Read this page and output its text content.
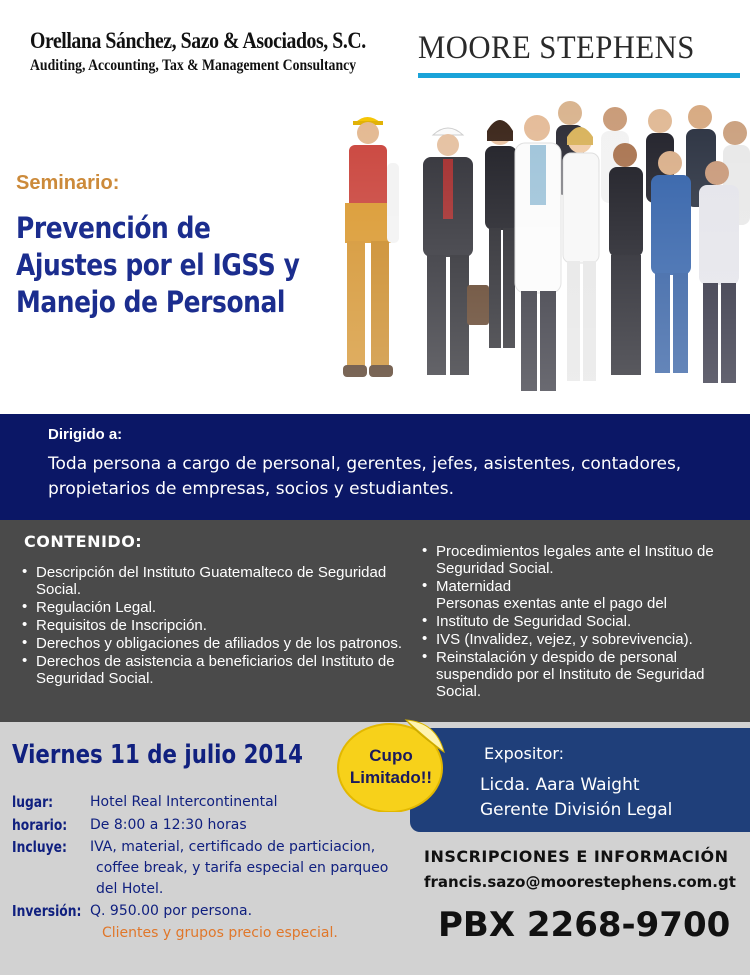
Orellana Sánchez, Sazo & Asociados, S.C.
Auditing, Accounting, Tax & Management Consultancy MOORE STEPHENS
Seminario:
Prevención de Ajustes por el IGSS y Manejo de Personal
Dirigido a:
Toda persona a cargo de personal, gerentes, jefes, asistentes, contadores, propietarios de empresas, socios y estudiantes.
CONTENIDO:
• Descripción del Instituto Guatemalteco de Seguridad Social.
• Regulación Legal.
• Requisitos de Inscripción.
• Derechos y obligaciones de afiliados y de los patronos.
• Derechos de asistencia a beneficiarios del Instituto de Seguridad Social.
• Procedimientos legales ante el Instituo de Seguridad Social.
• Maternidad
Personas exentas ante el pago del
• Instituto de Seguridad Social.
• IVS (Invalidez, vejez, y sobrevivencia).
• Reinstalación y despido de personal suspendido por el Instituto de Seguridad Social.
Viernes 11 de julio 2014
lugar:	Hotel Real Intercontinental
horario: De 8:00 a 12:30 horas
Incluye: IVA, material, certificado de particiacion,
coffee break, y tarifa especial en parqueo
del Hotel.
Inversión: Q. 950.00 por persona.
Clientes y grupos precio especial.
Expositor:
Licda. Aara Waight
Gerente División Legal
Cupo
Limitado!!
INSCRIPCIONES E INFORMACIÓN
francis.sazo@moorestephens.com.gt
PBX 2268-9700
